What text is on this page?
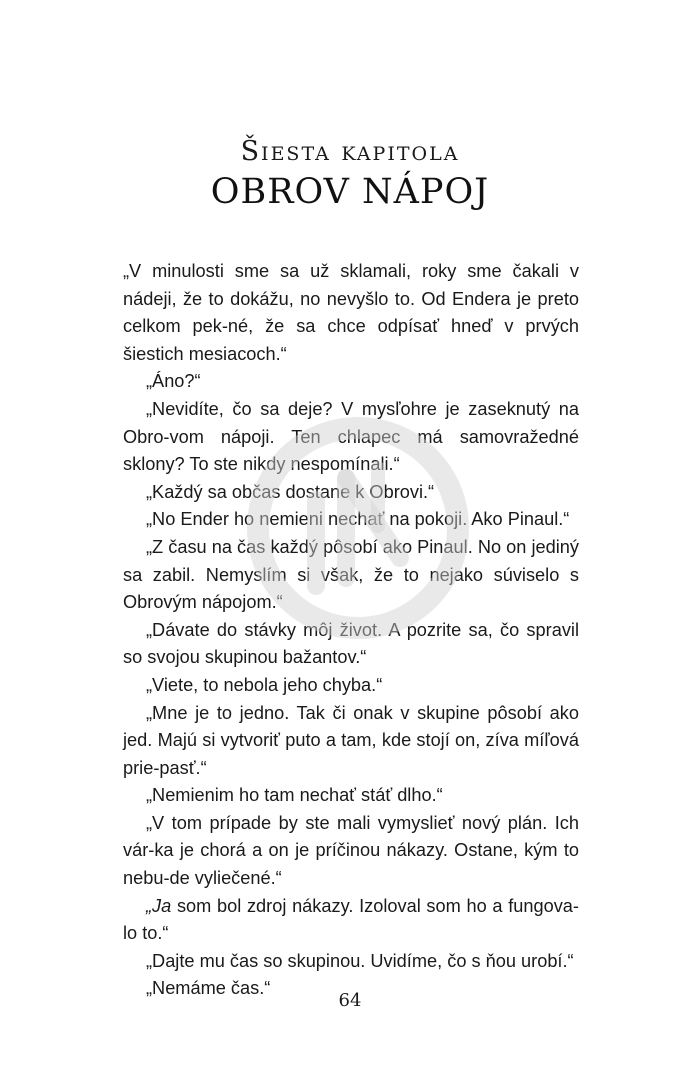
Šiesta kapitola
OBROV NÁPOJ

„V minulosti sme sa už sklamali, roky sme čakali v nádeji, že to dokážu, no nevyšlo to. Od Endera je preto celkom pek-né, že sa chce odpísať hneď v prvých šiestich mesiacoch.“

„Áno?“

„Nevidíte, čo sa deje? V mysľohre je zaseknutý na Obro-vom nápoji. Ten chlapec má samovražedné sklony? To ste nikdy nespomínali.“

„Každý sa občas dostane k Obrovi.“

„No Ender ho nemieni nechať na pokoji. Ako Pinaul.“

„Z času na čas každý pôsobí ako Pinaul. No on jediný sa zabil. Nemyslím si však, že to nejako súviselo s Obrovým nápojom.“

„Dávate do stávky môj život. A pozrite sa, čo spravil so svojou skupinou bažantov.“

„Viete, to nebola jeho chyba.“

„Mne je to jedno. Tak či onak v skupine pôsobí ako jed. Majú si vytvoriť puto a tam, kde stojí on, zíva míľová prie-pasť.“

„Nemienim ho tam nechať stáť dlho.“

„V tom prípade by ste mali vymyslieť nový plán. Ich vár-ka je chorá a on je príčinou nákazy. Ostane, kým to nebu-de vyliečené.“

„Ja som bol zdroj nákazy. Izoloval som ho a fungova-lo to.“

„Dajte mu čas so skupinou. Uvidíme, čo s ňou urobí.“

„Nemáme čas.“

64
